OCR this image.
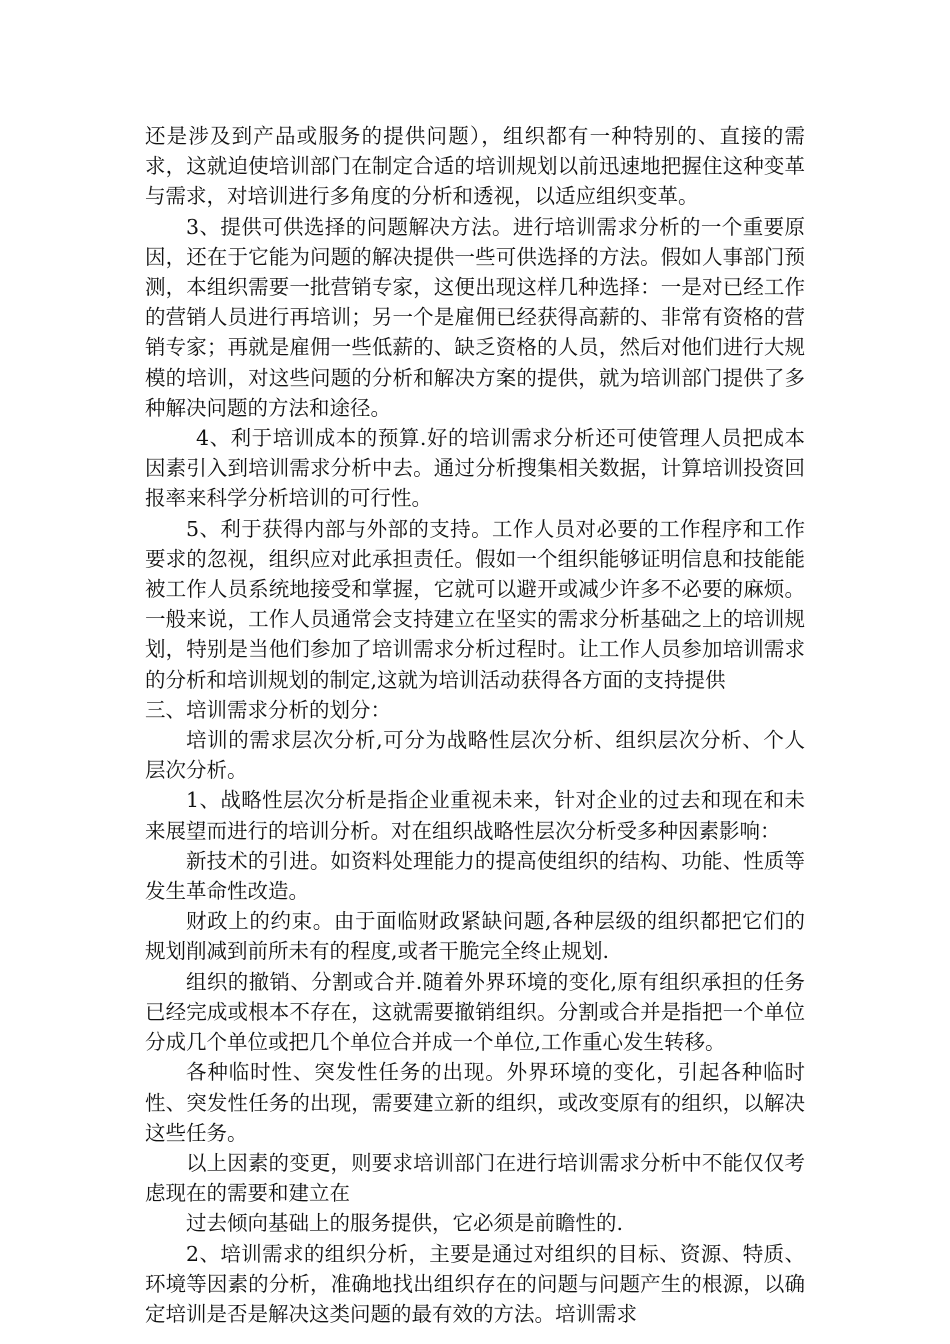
还是涉及到产品或服务的提供问题），组织都有一种特别的、直接的需求，这就迫使培训部门在制定合适的培训规划以前迅速地把握住这种变革与需求，对培训进行多角度的分析和透视，以适应组织变革。

3、提供可供选择的问题解决方法。进行培训需求分析的一个重要原因，还在于它能为问题的解决提供一些可供选择的方法。假如人事部门预测，本组织需要一批营销专家，这便出现这样几种选择：一是对已经工作的营销人员进行再培训；另一个是雇佣已经获得高薪的、非常有资格的营销专家；再就是雇佣一些低薪的、缺乏资格的人员，然后对他们进行大规模的培训，对这些问题的分析和解决方案的提供，就为培训部门提供了多种解决问题的方法和途径。

4、利于培训成本的预算.好的培训需求分析还可使管理人员把成本因素引入到培训需求分析中去。通过分析搜集相关数据，计算培训投资回报率来科学分析培训的可行性。

5、利于获得内部与外部的支持。工作人员对必要的工作程序和工作要求的忽视，组织应对此承担责任。假如一个组织能够证明信息和技能能被工作人员系统地接受和掌握，它就可以避开或减少许多不必要的麻烦。一般来说，工作人员通常会支持建立在坚实的需求分析基础之上的培训规划，特别是当他们参加了培训需求分析过程时。让工作人员参加培训需求的分析和培训规划的制定,这就为培训活动获得各方面的支持提供

三、培训需求分析的划分：

培训的需求层次分析,可分为战略性层次分析、组织层次分析、个人层次分析。

1、战略性层次分析是指企业重视未来，针对企业的过去和现在和未来展望而进行的培训分析。对在组织战略性层次分析受多种因素影响：

新技术的引进。如资料处理能力的提高使组织的结构、功能、性质等发生革命性改造。

财政上的约束。由于面临财政紧缺问题,各种层级的组织都把它们的规划削减到前所未有的程度,或者干脆完全终止规划.

组织的撤销、分割或合并.随着外界环境的变化,原有组织承担的任务已经完成或根本不存在，这就需要撤销组织。分割或合并是指把一个单位分成几个单位或把几个单位合并成一个单位,工作重心发生转移。

各种临时性、突发性任务的出现。外界环境的变化，引起各种临时性、突发性任务的出现，需要建立新的组织，或改变原有的组织，以解决这些任务。

以上因素的变更，则要求培训部门在进行培训需求分析中不能仅仅考虑现在的需要和建立在

过去倾向基础上的服务提供，它必须是前瞻性的.

2、培训需求的组织分析，主要是通过对组织的目标、资源、特质、环境等因素的分析，准确地找出组织存在的问题与问题产生的根源，以确定培训是否是解决这类问题的最有效的方法。培训需求
